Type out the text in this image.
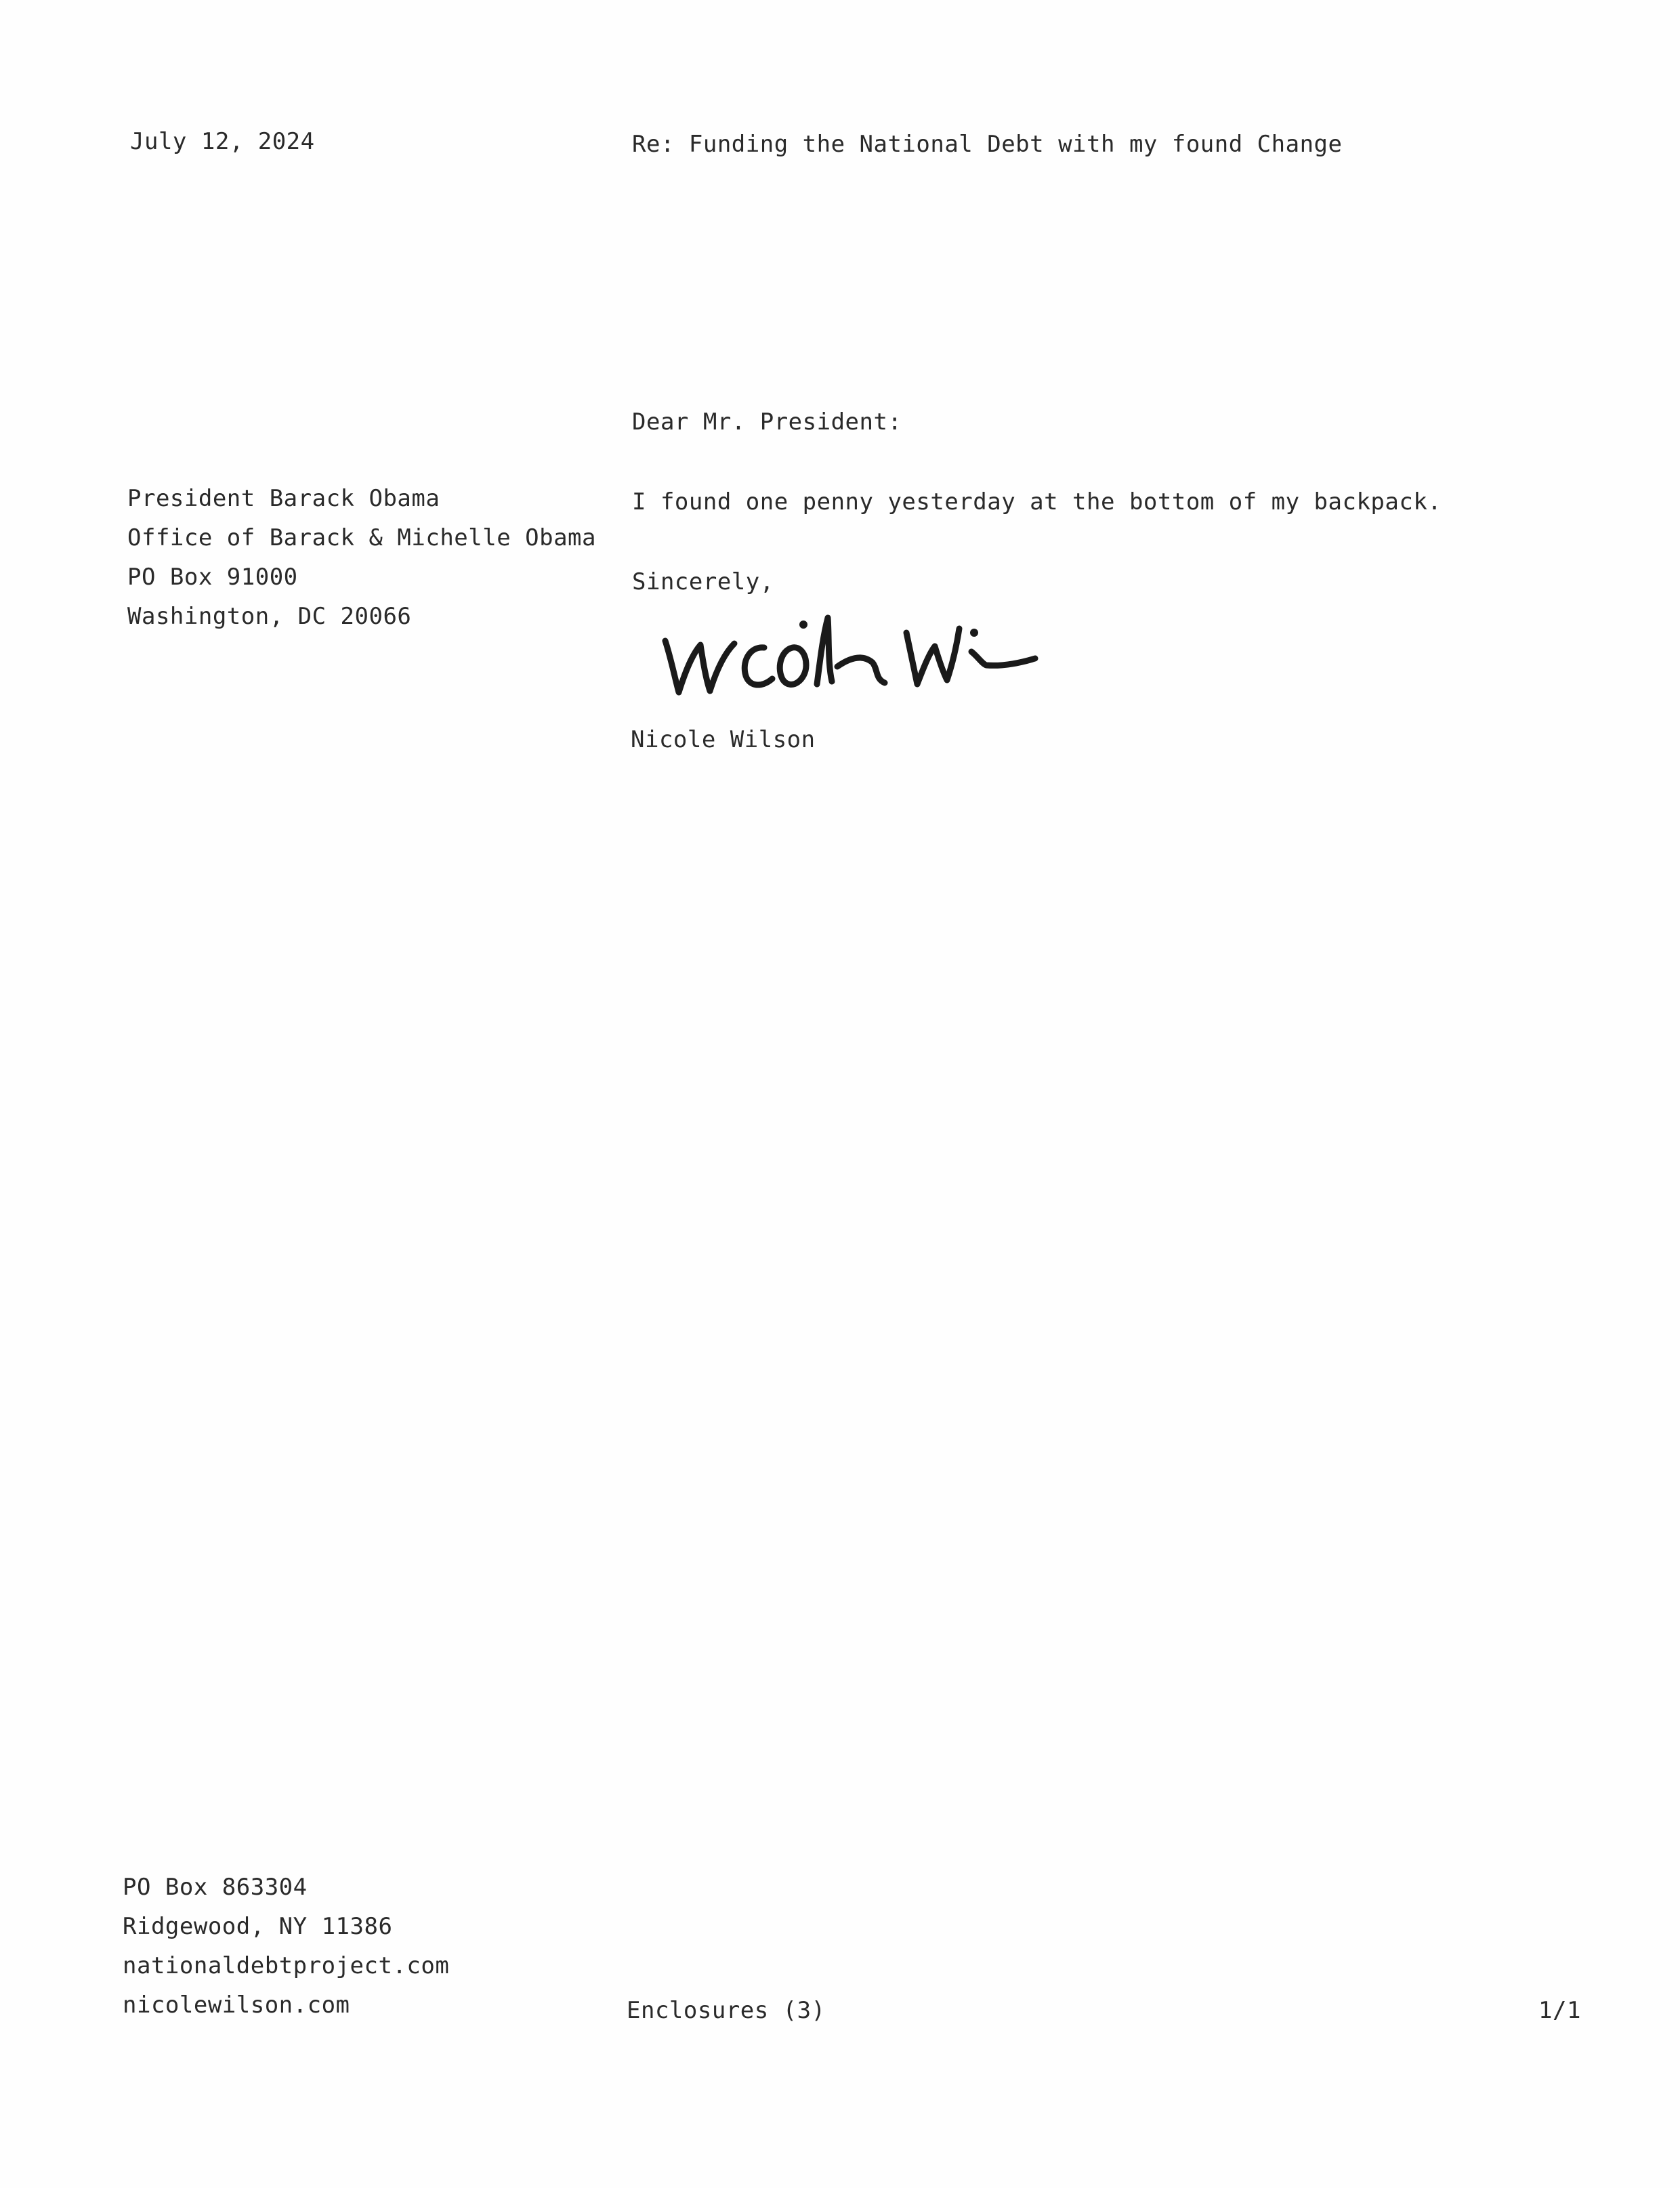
July 12, 2024	Re: Funding the National Debt with my found Change
Dear Mr. President:
President Barack Obama
Office of Barack & Michelle Obama
PO Box 91000
Washington, DC 20066
I found one penny yesterday at the bottom of my backpack.
Sincerely,
Nicole Wilson
PO Box 863304
Ridgewood, NY 11386
nationaldebtproject.com
nicolewilson.com	Enclosures (3)	1/1
